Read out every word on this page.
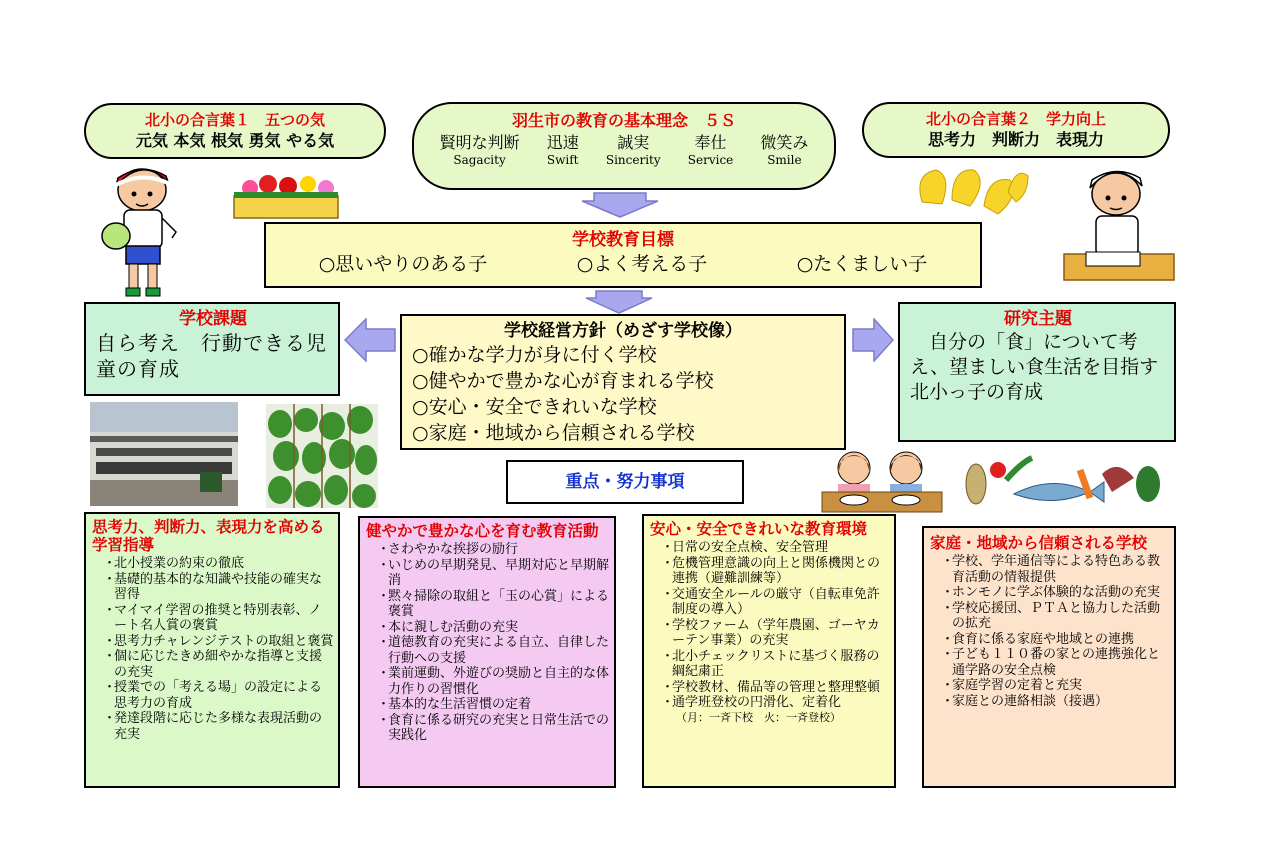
北小の合言葉１　五つの気
元気 本気 根気 勇気 やる気
羽生市の教育の基本理念　５Ｓ
賢明な判断
Sagacity
迅速
Swift
誠実
Sincerity
奉仕
Service
微笑み
Smile
北小の合言葉２　学力向上
思考力　判断力　表現力
学校教育目標
○思いやりのある子	○よく考える子	○たくましい子
学校課題
自ら考え　行動できる児童の育成
学校経営方針（めざす学校像）
○確かな学力が身に付く学校
○健やかで豊かな心が育まれる学校
○安心・安全できれいな学校
○家庭・地域から信頼される学校
研究主題
自分の「食」について考え、望ましい食生活を目指す北小っ子の育成
重点・努力事項
思考力、判断力、表現力を高める学習指導
・ 北小授業の約束の徹底
・ 基礎的基本的な知識や技能の確実な習得
・ マイマイ学習の推奨と特別表彰、ノート名人賞の褒賞
・ 思考力チャレンジテストの取組と褒賞
・ 個に応じたきめ細やかな指導と支援の充実
・ 授業での「考える場」の設定による思考力の育成
・ 発達段階に応じた多様な表現活動の充実
健やかで豊かな心を育む教育活動
・ さわやかな挨拶の励行
・ いじめの早期発見、早期対応と早期解消
・ 黙々掃除の取組と「玉の心賞」による褒賞
・ 本に親しむ活動の充実
・ 道徳教育の充実による自立、自律した行動への支援
・ 業前運動、外遊びの奨励と自主的な体力作りの習慣化
・ 基本的な生活習慣の定着
・ 食育に係る研究の充実と日常生活での実践化
安心・安全できれいな教育環境
・ 日常の安全点検、安全管理
・ 危機管理意識の向上と関係機関との連携（避難訓練等）
・ 交通安全ルールの厳守（自転車免許制度の導入）
・ 学校ファーム（学年農園、ゴーヤカーテン事業）の充実
・ 北小チェックリストに基づく服務の綱紀粛正
・ 学校教材、備品等の管理と整理整頓
・ 通学班登校の円滑化、定着化
（月：一斉下校　火：一斉登校）
家庭・地域から信頼される学校
・ 学校、学年通信等による特色ある教育活動の情報提供
・ ホンモノに学ぶ体験的な活動の充実
・ 学校応援団、ＰＴＡと協力した活動の拡充
・ 食育に係る家庭や地域との連携
・ 子ども１１０番の家との連携強化と通学路の安全点検
・ 家庭学習の定着と充実
・ 家庭との連絡相談（接遇）
